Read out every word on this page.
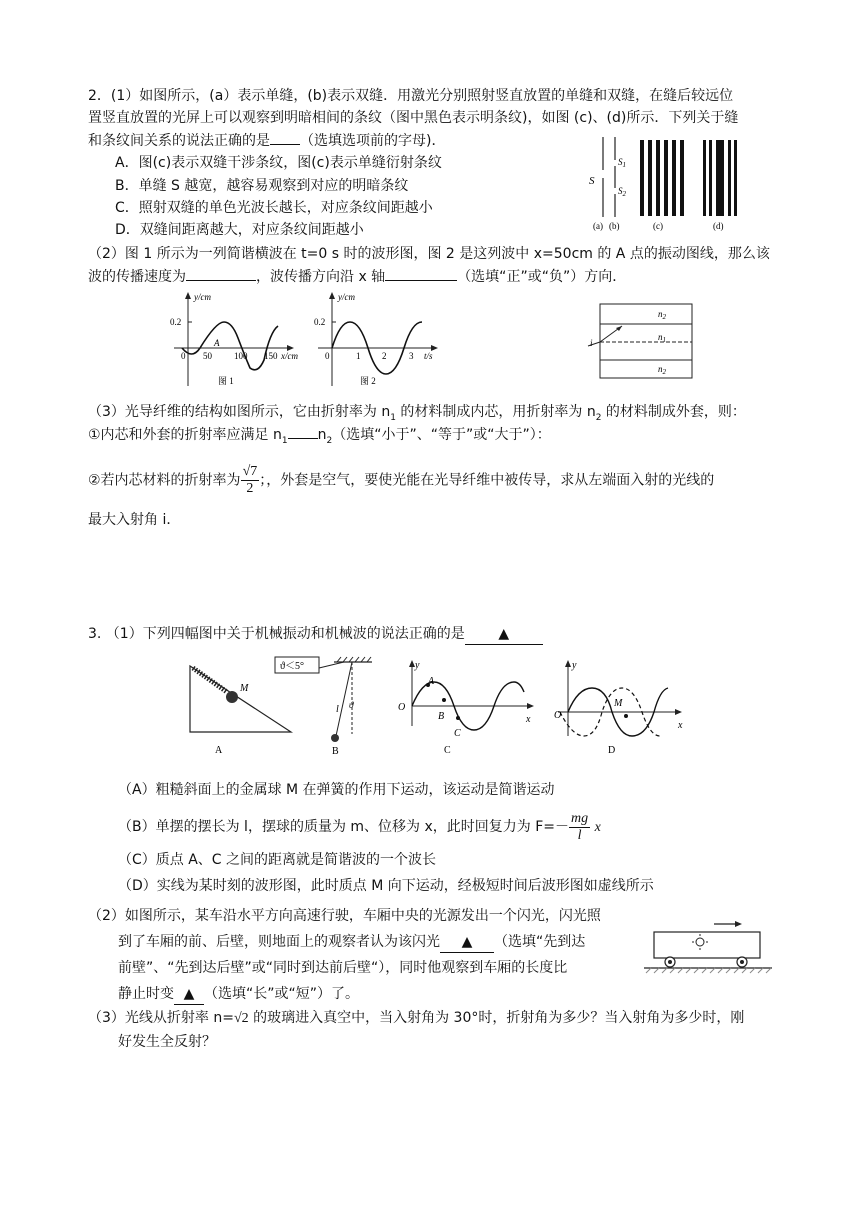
2．(1）如图所示，(a）表示单缝，(b)表示双缝．用激光分别照射竖直放置的单缝和双缝，在缝后较远位
置竖直放置的光屏上可以观察到明暗相间的条纹（图中黑色表示明条纹)，如图 (c)、(d)所示．下列关于缝
和条纹间关系的说法正确的是 （选填选项前的字母)．
A．图(c)表示双缝干涉条纹，图(c)表示单缝衍射条纹
B．单缝 S 越宽，越容易观察到对应的明暗条纹
C．照射双缝的单色光波长越长，对应条纹间距越小
D．双缝间距离越大，对应条纹间距越小
S
$S_1$
$S_2$
(a) (b)	(c)	(d)
（2）图 1 所示为一列简谐横波在 t=0 s 时的波形图，图 2 是这列波中 x=50cm 的 A 点的振动图线，那么该
波的传播速度为	，波传播方向沿 x 轴	（选填“正”或“负”）方向．
y/cm
0.2
0 50 100 150 x/cm
A
图 1
y/cm
0.2
0	1 2	3 t/s
图 2
i
$n_2$
$n_1$
$n_2$
（3）光导纤维的结构如图所示，它由折射率为 $n_1$ 的材料制成内芯，用折射率为 $n_2$ 的材料制成外套，则：
①内芯和外套的折射率应满足 $n_1$ $n_2$（选填“小于”、“等于”或“大于”）：
②若内芯材料的折射率为 $\frac{√7}{2}$ ；，外套是空气，要使光能在光导纤维中被传导，求从左端面入射的光线的
最大入射角 i．
3. （1）下列四幅图中关于机械振动和机械波的说法正确的是 ▲
M
A
ϑ＜5°
l ϑ
B
y
O
x
A
B
C
C
y
O
x
M
D
（A）粗糙斜面上的金属球 M 在弹簧的作用下运动，该运动是简谐运动
（B）单摆的摆长为 l，摆球的质量为 m、位移为 x，此时回复力为 $F=- \frac{mg}{l}$ x
（C）质点 A、C 之间的距离就是简谐波的一个波长
（D）实线为某时刻的波形图，此时质点 M 向下运动，经极短时间后波形图如虚线所示
（2）如图所示，某车沿水平方向高速行驶，车厢中央的光源发出一个闪光，闪光照
到了车厢的前、后壁，则地面上的观察者认为该闪光 ▲ （选填“先到达
前壁”、“先到达后壁”或“同时到达前后壁“），同时他观察到车厢的长度比
静止时变 ▲ （选填“长”或“短”）了。
（3）光线从折射率 n=√2 的玻璃进入真空中，当入射角为 30°时，折射角为多少？当入射角为多少时，刚
好发生全反射？
